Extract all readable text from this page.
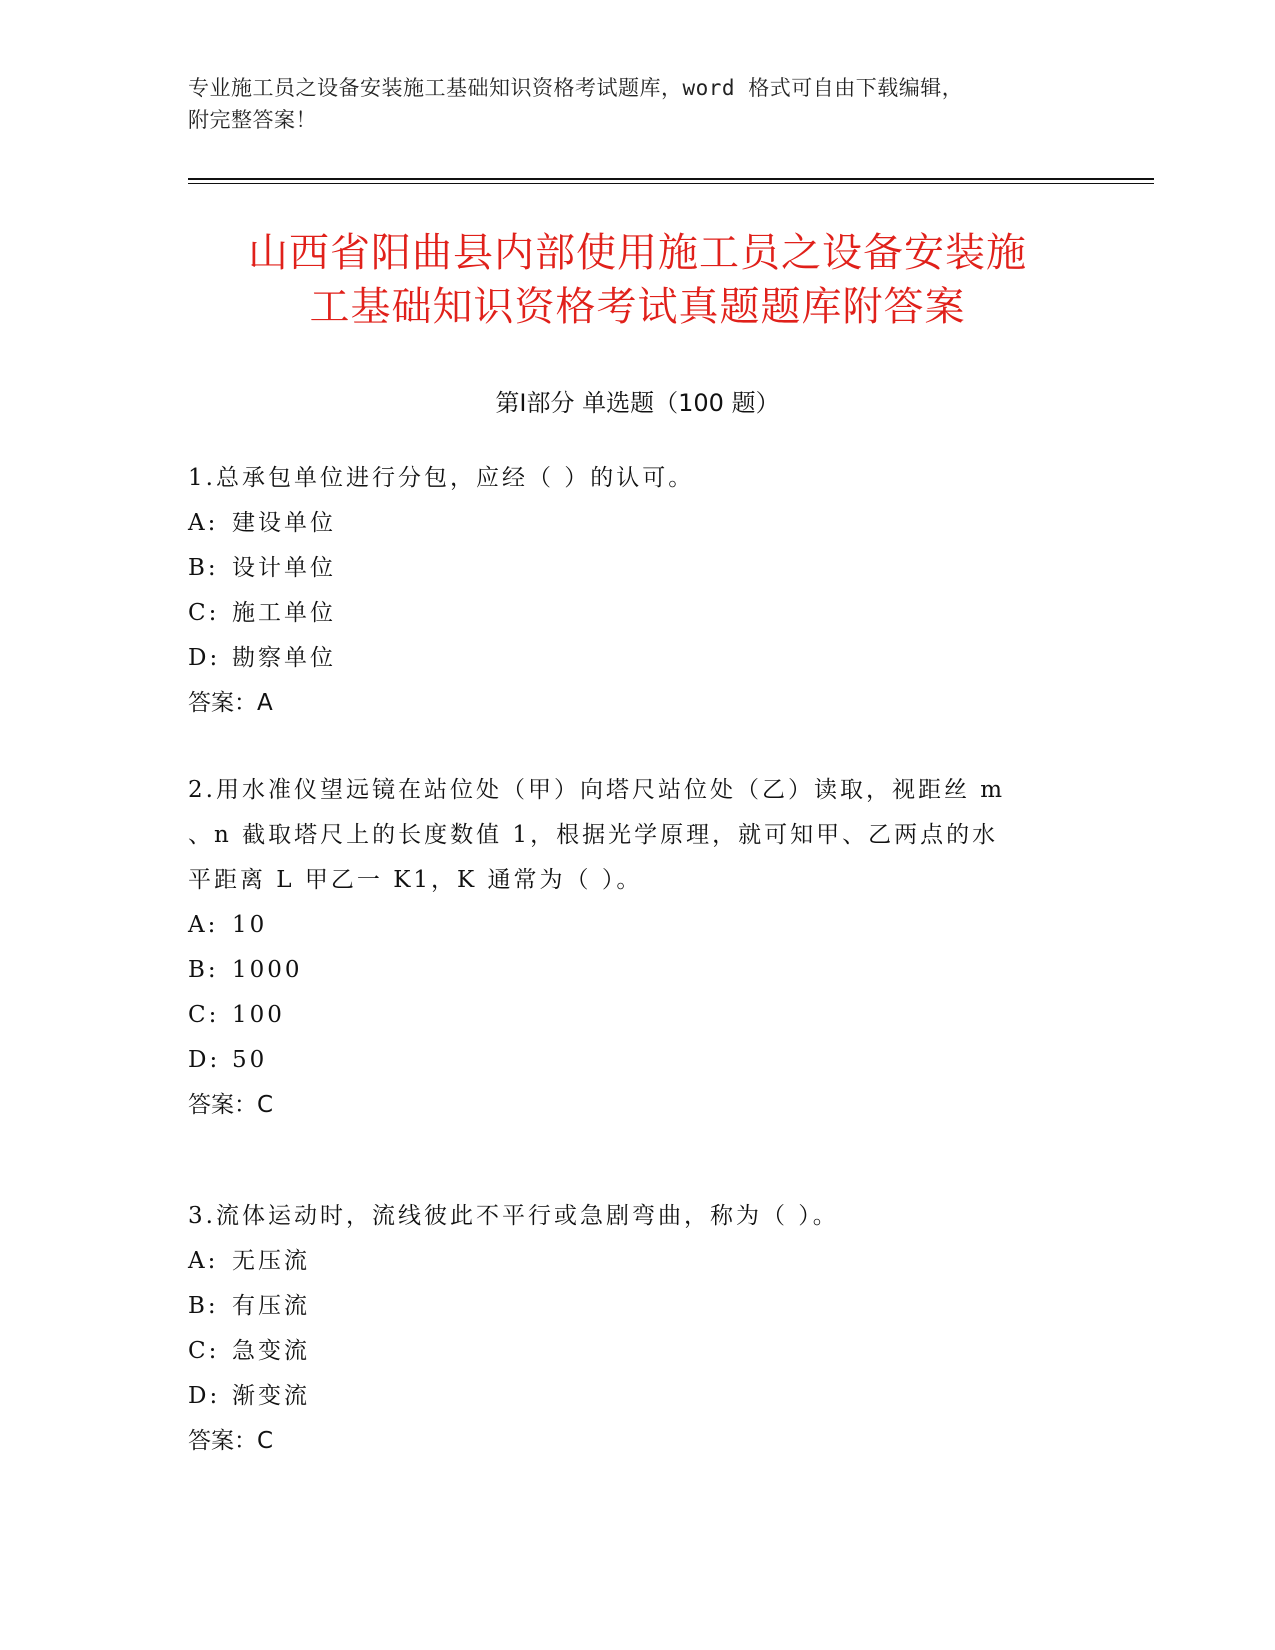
专业施工员之设备安装施工基础知识资格考试题库，word 格式可自由下载编辑，
附完整答案！
山西省阳曲县内部使用施工员之设备安装施
工基础知识资格考试真题题库附答案
第Ⅰ部分 单选题（100 题）

1.总承包单位进行分包，应经（ ）的认可。

A: 建设单位

B: 设计单位

C: 施工单位

D: 勘察单位

答案：A

2.用水准仪望远镜在站位处（甲）向塔尺站位处（乙）读取，视距丝 m

、n 截取塔尺上的长度数值 1，根据光学原理，就可知甲、乙两点的水

平距离 L 甲乙一 K1，K 通常为（ ）。

A: 10

B: 1000

C: 100

D: 50

答案：C

3.流体运动时，流线彼此不平行或急剧弯曲，称为（ ）。

A: 无压流

B: 有压流

C: 急变流

D: 渐变流

答案：C
